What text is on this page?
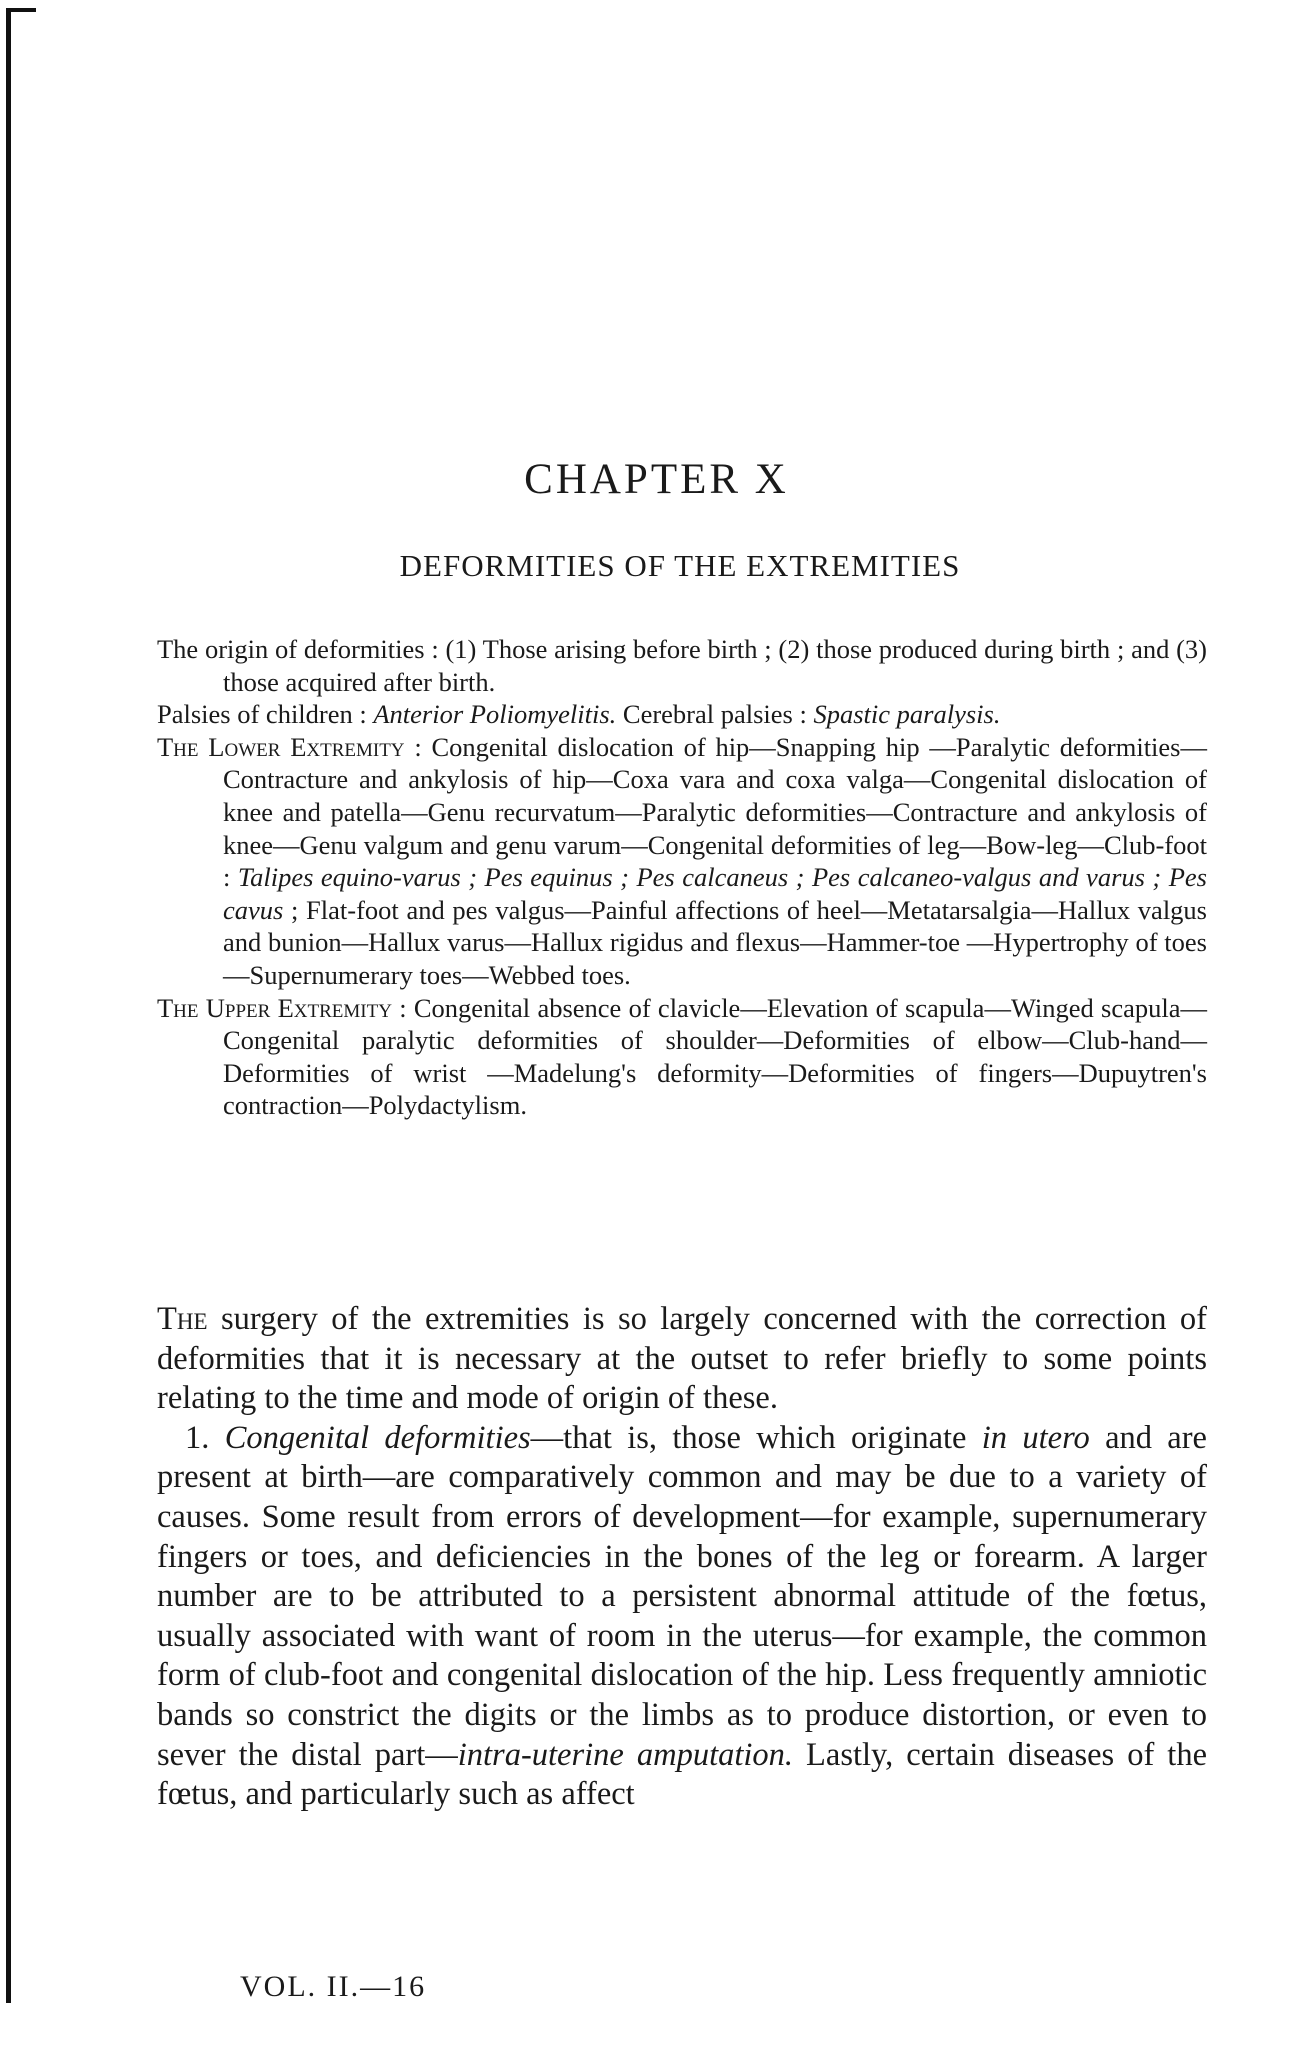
CHAPTER X
DEFORMITIES OF THE EXTREMITIES

The origin of deformities : (1) Those arising before birth ; (2) those produced during birth ; and (3) those acquired after birth.

Palsies of children : Anterior Poliomyelitis. Cerebral palsies : Spastic paralysis.

The Lower Extremity : Congenital dislocation of hip—Snapping hip —Paralytic deformities—Contracture and ankylosis of hip—Coxa vara and coxa valga—Congenital dislocation of knee and patella—Genu recurvatum—Paralytic deformities—Contracture and ankylosis of knee—Genu valgum and genu varum—Congenital deformities of leg—Bow-leg—Club-foot : Talipes equino-varus ; Pes equinus ; Pes calcaneus ; Pes calcaneo-valgus and varus ; Pes cavus ; Flat-foot and pes valgus—Painful affections of heel—Metatarsalgia—Hallux valgus and bunion—Hallux varus—Hallux rigidus and flexus—Hammer-toe —Hypertrophy of toes—Supernumerary toes—Webbed toes.

The Upper Extremity : Congenital absence of clavicle—Elevation of scapula—Winged scapula—Congenital paralytic deformities of shoulder—Deformities of elbow—Club-hand—Deformities of wrist —Madelung's deformity—Deformities of fingers—Dupuytren's contraction—Polydactylism.

The surgery of the extremities is so largely concerned with the correction of deformities that it is necessary at the outset to refer briefly to some points relating to the time and mode of origin of these.

1. Congenital deformities—that is, those which originate in utero and are present at birth—are comparatively common and may be due to a variety of causes. Some result from errors of development—for example, supernumerary fingers or toes, and deficiencies in the bones of the leg or forearm. A larger number are to be attributed to a persistent abnormal attitude of the fœtus, usually associated with want of room in the uterus—for example, the common form of club-foot and congenital dislocation of the hip. Less frequently amniotic bands so constrict the digits or the limbs as to produce distortion, or even to sever the distal part—intra-uterine amputation. Lastly, certain diseases of the fœtus, and particularly such as affect

VOL. II.—16
